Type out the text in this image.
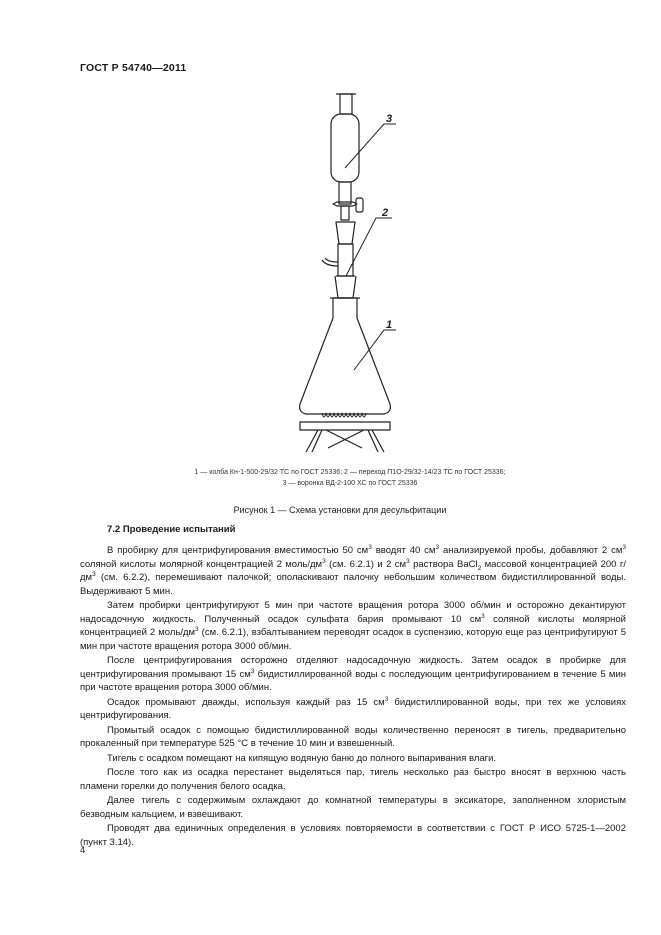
ГОСТ Р 54740—2011
3
2
1
1 — колба Кн-1-500-29/32 ТС по ГОСТ 25336; 2 — переход П1О-29/32-14/23 ТС по ГОСТ 25336;
3 — воронка ВД-2-100 ХС по ГОСТ 25336
Рисунок 1 — Схема установки для десульфитации
7.2 Проведение испытаний

В пробирку для центрифугирования вместимостью 50 $см^3$ вводят 40 $см^3$ анализируемой пробы, добавляют 2 $см^3$ соляной кислоты молярной концентрацией 2 моль/$дм^3$ (см. 6.2.1) и 2 $см^3$ раствора BaCl$_2$ массовой концентрацией 200 $г/дм^3$ (см. 6.2.2), перемешивают палочкой; ополаскивают палочку небольшим количеством бидистиллированной воды. Выдерживают 5 мин.

Затем пробирки центрифугируют 5 мин при частоте вращения ротора 3000 об/мин и осторожно декантируют надосадочную жидкость. Полученный осадок сульфата бария промывают 10 $см^3$ соляной кислоты молярной концентрацией 2 моль/$дм^3$ (см. 6.2.1), взбалтыванием переводят осадок в суспензию, которую еще раз центрифугируют 5 мин при частоте вращения ротора 3000 об/мин.

После центрифугирования осторожно отделяют надосадочную жидкость. Затем осадок в пробирке для центрифугирования промывают 15 $см^3$ бидистиллированной воды с последующим центрифугированием в течение 5 мин при частоте вращения ротора 3000 об/мин.

Осадок промывают дважды, используя каждый раз 15 $см^3$ бидистиллированной воды, при тех же условиях центрифугирования.

Промытый осадок с помощью бидистиллированной воды количественно переносят в тигель, предварительно прокаленный при температуре 525 °С в течение 10 мин и взвешенный.

Тигель с осадком помещают на кипящую водяную баню до полного выпаривания влаги.

После того как из осадка перестанет выделяться пар, тигель несколько раз быстро вносят в верхнюю часть пламени горелки до получения белого осадка.

Далее тигель с содержимым охлаждают до комнатной температуры в эксикаторе, заполненном хлористым безводным кальцием, и взвешивают.

Проводят два единичных определения в условиях повторяемости в соответствии с ГОСТ Р ИСО 5725-1—2002 (пункт 3.14).

4
